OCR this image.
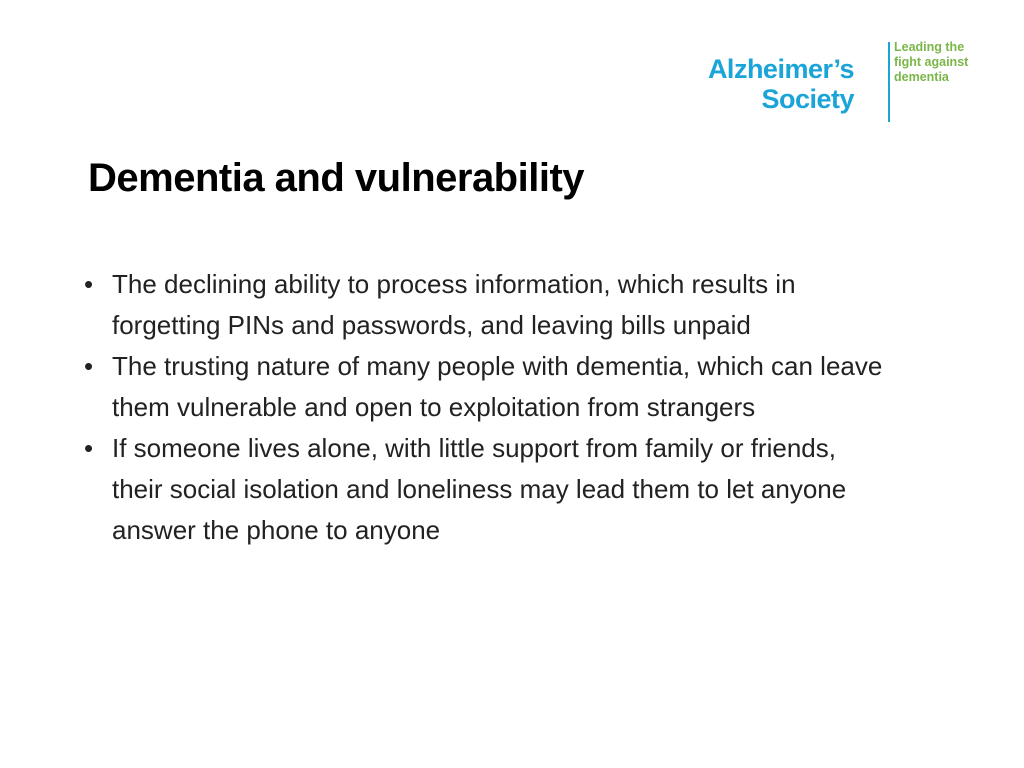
Alzheimer’s
Society
Leading the
fight against
dementia
Dementia and vulnerability
• The declining ability to process information, which results in forgetting PINs and passwords, and leaving bills unpaid
• The trusting nature of many people with dementia, which can leave them vulnerable and open to exploitation from strangers
• If someone lives alone, with little support from family or friends, their social isolation and loneliness may lead them to let anyone answer the phone to anyone
